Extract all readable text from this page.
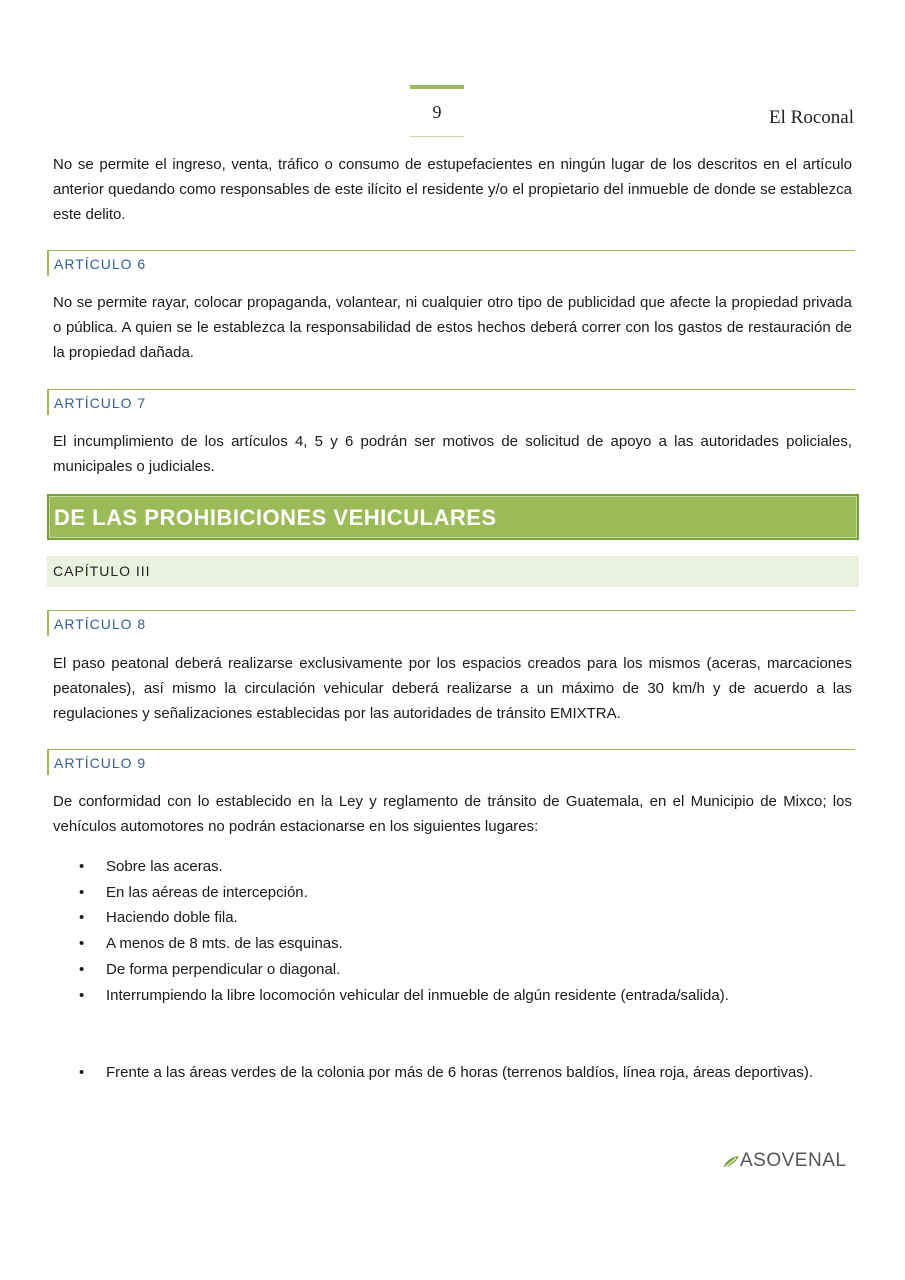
9	El Roconal

No se permite el ingreso, venta, tráfico o consumo de estupefacientes en ningún lugar de los descritos en el artículo anterior quedando como responsables de este ilícito el residente y/o el propietario del inmueble de donde se establezca este delito.

ARTÍCULO 6

No se permite rayar, colocar propaganda, volantear, ni cualquier otro tipo de publicidad que afecte la propiedad privada o pública. A quien se le establezca la responsabilidad de estos hechos deberá correr con los gastos de restauración de la propiedad dañada.

ARTÍCULO 7

El incumplimiento de los artículos 4, 5 y 6 podrán ser motivos de solicitud de apoyo a las autoridades policiales, municipales o judiciales.

DE LAS PROHIBICIONES VEHICULARES
CAPÍTULO III
ARTÍCULO 8

El paso peatonal deberá realizarse exclusivamente por los espacios creados para los mismos (aceras, marcaciones peatonales), así mismo la circulación vehicular deberá realizarse a un máximo de 30 km/h y de acuerdo a las regulaciones y señalizaciones establecidas por las autoridades de tránsito EMIXTRA.

ARTÍCULO 9

De conformidad con lo establecido en la Ley y reglamento de tránsito de Guatemala, en el Municipio de Mixco; los vehículos automotores no podrán estacionarse en los siguientes lugares:

• Sobre las aceras.
• En las aéreas de intercepción.
• Haciendo doble fila.
• A menos de 8 mts. de las esquinas.
• De forma perpendicular o diagonal.
• Interrumpiendo la libre locomoción vehicular del inmueble de algún residente (entrada/salida).
• Frente a las áreas verdes de la colonia por más de 6 horas (terrenos baldíos, línea roja, áreas deportivas).
ASOVENAL
